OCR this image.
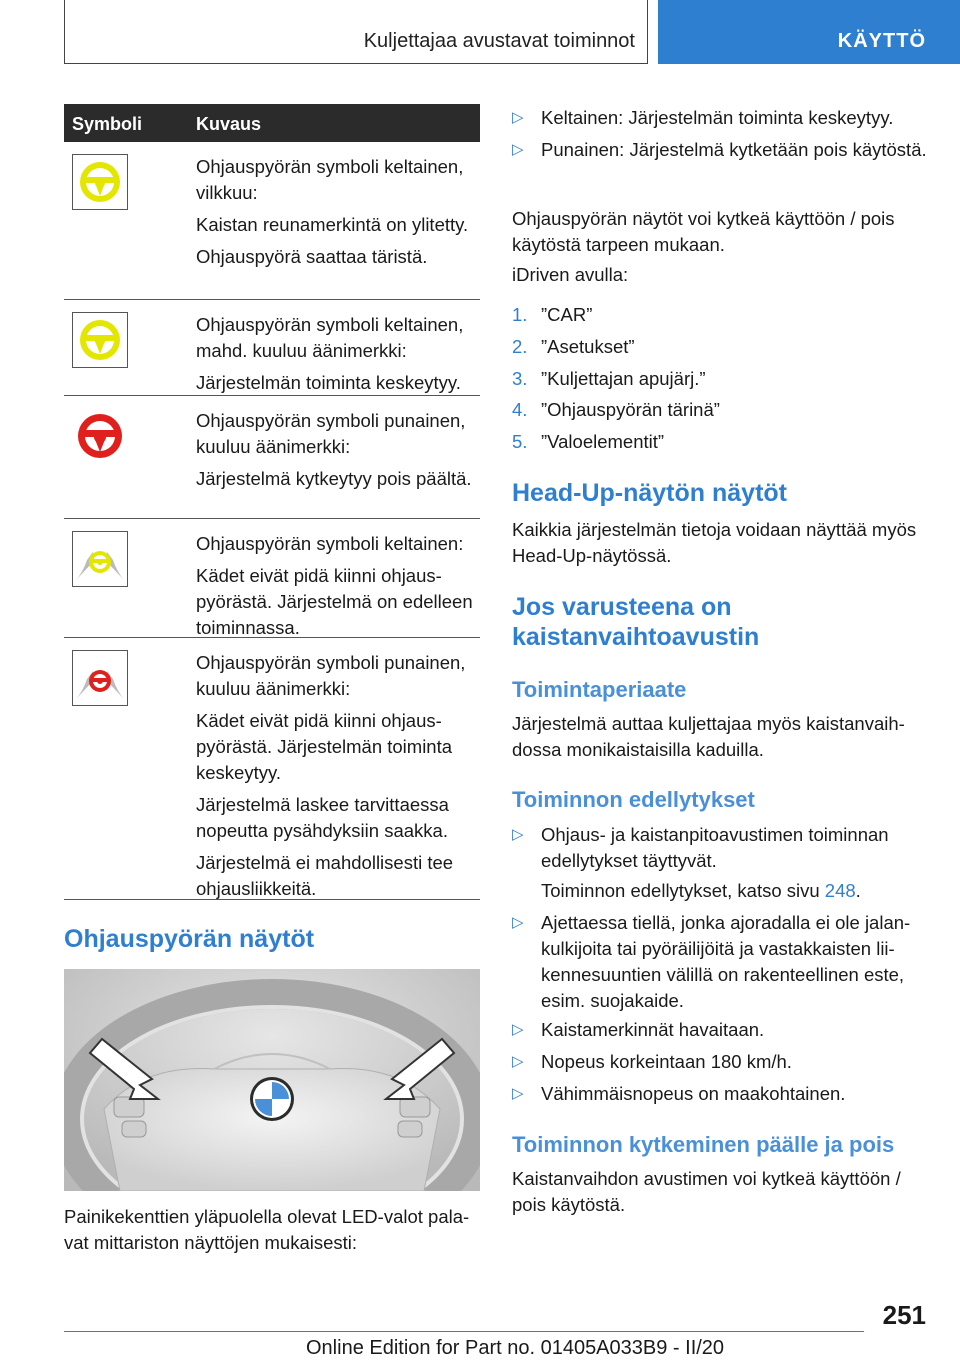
Kuljettajaa avustavat toiminnot	KÄYTTÖ
Symboli	Kuvaus

Ohjauspyörän symboli keltainen, vilkkuu:

Kaistan reunamerkintä on ylitetty.

Ohjauspyörä saattaa täristä.

Ohjauspyörän symboli keltainen, mahd. kuuluu äänimerkki:

Järjestelmän toiminta keskeytyy.

Ohjauspyörän symboli punainen, kuuluu äänimerkki:

Järjestelmä kytkeytyy pois päältä.

Ohjauspyörän symboli keltainen:

Kädet eivät pidä kiinni ohjauspyörästä. Järjestelmä on edelleen toiminnassa.

Ohjauspyörän symboli punainen, kuuluu äänimerkki:

Kädet eivät pidä kiinni ohjauspyörästä. Järjestelmän toiminta keskeytyy.

Järjestelmä laskee tarvittaessa nopeutta pysähdyksiin saakka.

Järjestelmä ei mahdollisesti tee ohjausliikkeitä.

Ohjauspyörän näytöt
Painikekenttien yläpuolella olevat LED-valot palavat mittariston näyttöjen mukaisesti:
▷ Keltainen: Järjestelmän toiminta keskeytyy.
▷ Punainen: Järjestelmä kytketään pois käytöstä.
Ohjauspyörän näytöt voi kytkeä käyttöön / pois käytöstä tarpeen mukaan.
iDriven avulla:
1. ”CAR”
2. ”Asetukset”
3. ”Kuljettajan apujärj.”
4. ”Ohjauspyörän tärinä”
5. ”Valoelementit”
Head-Up-näytön näytöt
Kaikkia järjestelmän tietoja voidaan näyttää myös Head-Up-näytössä.
Jos varusteena on
kaistanvaihtoavustin
Toimintaperiaate
Järjestelmä auttaa kuljettajaa myös kaistanvaihdossa monikaistaisilla kaduilla.
Toiminnon edellytykset
▷ Ohjaus- ja kaistanpitoavustimen toiminnan edellytykset täyttyvät.
Toiminnon edellytykset, katso sivu 248.
▷ Ajettaessa tiellä, jonka ajoradalla ei ole jalankulkijoita tai pyöräilijöitä ja vastakkaisten liikennesuuntien välillä on rakenteellinen este, esim. suojakaide.
▷ Kaistamerkinnät havaitaan.
▷ Nopeus korkeintaan 180 km/h.
▷ Vähimmäisnopeus on maakohtainen.
Toiminnon kytkeminen päälle ja pois
Kaistanvaihdon avustimen voi kytkeä käyttöön / pois käytöstä.
251
Online Edition for Part no. 01405A033B9 - II/20
